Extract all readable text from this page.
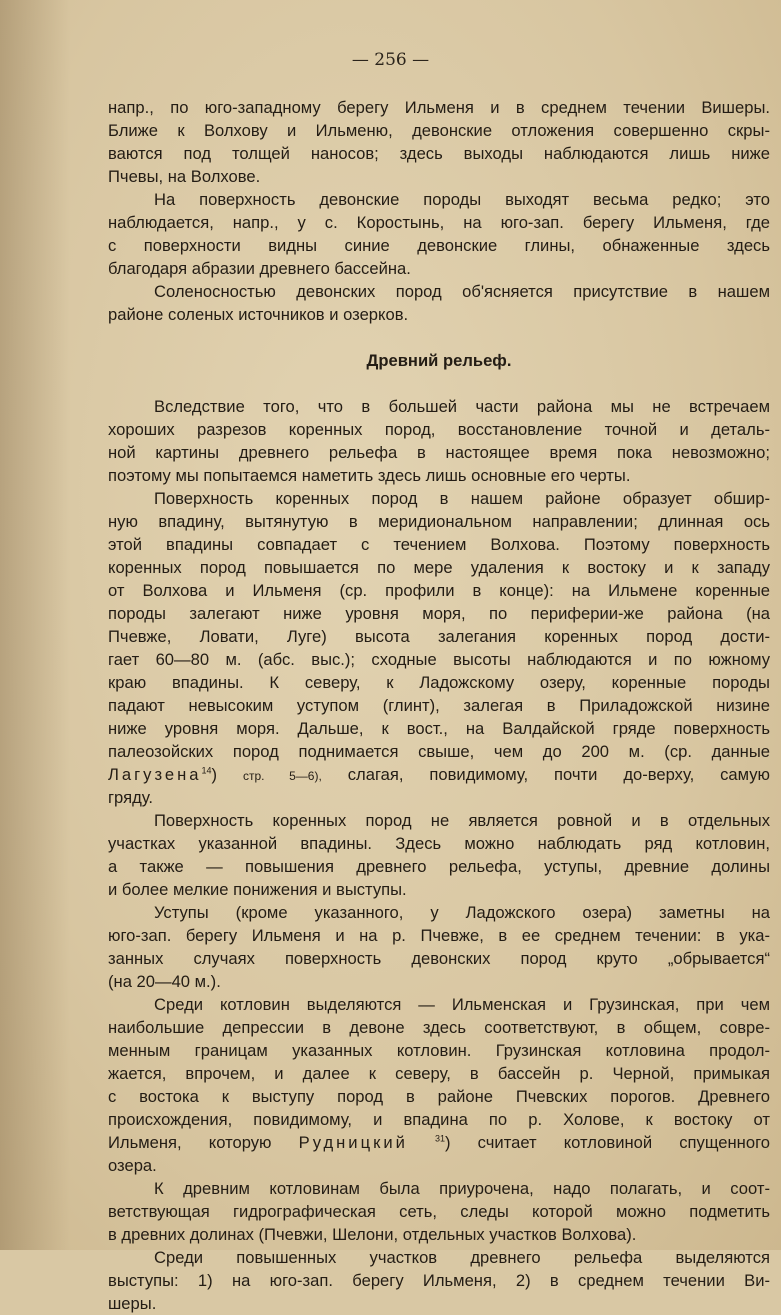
— 256 —
напр., по юго-западному берегу Ильменя и в среднем течении Вишеры.
Ближе к Волхову и Ильменю, девонские отложения совершенно скры-
ваются под толщей наносов; здесь выходы наблюдаются лишь ниже
Пчевы, на Волхове.
На поверхность девонские породы выходят весьма редко; это
наблюдается, напр., у с. Коростынь, на юго-зап. берегу Ильменя, где
с поверхности видны синие девонские глины, обнаженные здесь
благодаря абразии древнего бассейна.
Соленосностью девонских пород об'ясняется присутствие в нашем
районе соленых источников и озерков.
Древний рельеф.
Вследствие того, что в большей части района мы не встречаем
хороших разрезов коренных пород, восстановление точной и деталь-
ной картины древнего рельефа в настоящее время пока невозможно;
поэтому мы попытаемся наметить здесь лишь основные его черты.
Поверхность коренных пород в нашем районе образует обшир-
ную впадину, вытянутую в меридиональном направлении; длинная ось
этой впадины совпадает с течением Волхова. Поэтому поверхность
коренных пород повышается по мере удаления к востоку и к западу
от Волхова и Ильменя (ср. профили в конце): на Ильмене коренные
породы залегают ниже уровня моря, по периферии-же района (на
Пчевже, Ловати, Луге) высота залегания коренных пород дости-
гает 60—80 м. (абс. выс.); сходные высоты наблюдаются и по южному
краю впадины. К северу, к Ладожскому озеру, коренные породы
падают невысоким уступом (глинт), залегая в Приладожской низине
ниже уровня моря. Дальше, к вост., на Валдайской гряде поверхность
палеозойских пород поднимается свыше, чем до 200 м. (ср. данные
Лагузена$^{14}$) стр. 5—6), слагая, повидимому, почти до-верху, самую
гряду.
Поверхность коренных пород не является ровной и в отдельных
участках указанной впадины. Здесь можно наблюдать ряд котловин,
а также — повышения древнего рельефа, уступы, древние долины
и более мелкие понижения и выступы.
Уступы (кроме указанного, у Ладожского озера) заметны на
юго-зап. берегу Ильменя и на р. Пчевже, в ее среднем течении: в ука-
занных случаях поверхность девонских пород круто „обрывается“
(на 20—40 м.).
Среди котловин выделяются — Ильменская и Грузинская, при чем
наибольшие депрессии в девоне здесь соответствуют, в общем, совре-
менным границам указанных котловин. Грузинская котловина продол-
жается, впрочем, и далее к северу, в бассейн р. Черной, примыкая
с востока к выступу пород в районе Пчевских порогов. Древнего
происхождения, повидимому, и впадина по р. Холове, к востоку от
Ильменя, которую Рудницкий	$^{31}$) считает котловиной спущенного
озера.
К древним котловинам была приурочена, надо полагать, и соот-
ветствующая гидрографическая сеть, следы которой можно подметить
в древних долинах (Пчевжи, Шелони, отдельных участков Волхова).
Среди повышенных участков древнего рельефа выделяются
выступы: 1) на юго-зап. берегу Ильменя, 2) в среднем течении Ви-
шеры.
